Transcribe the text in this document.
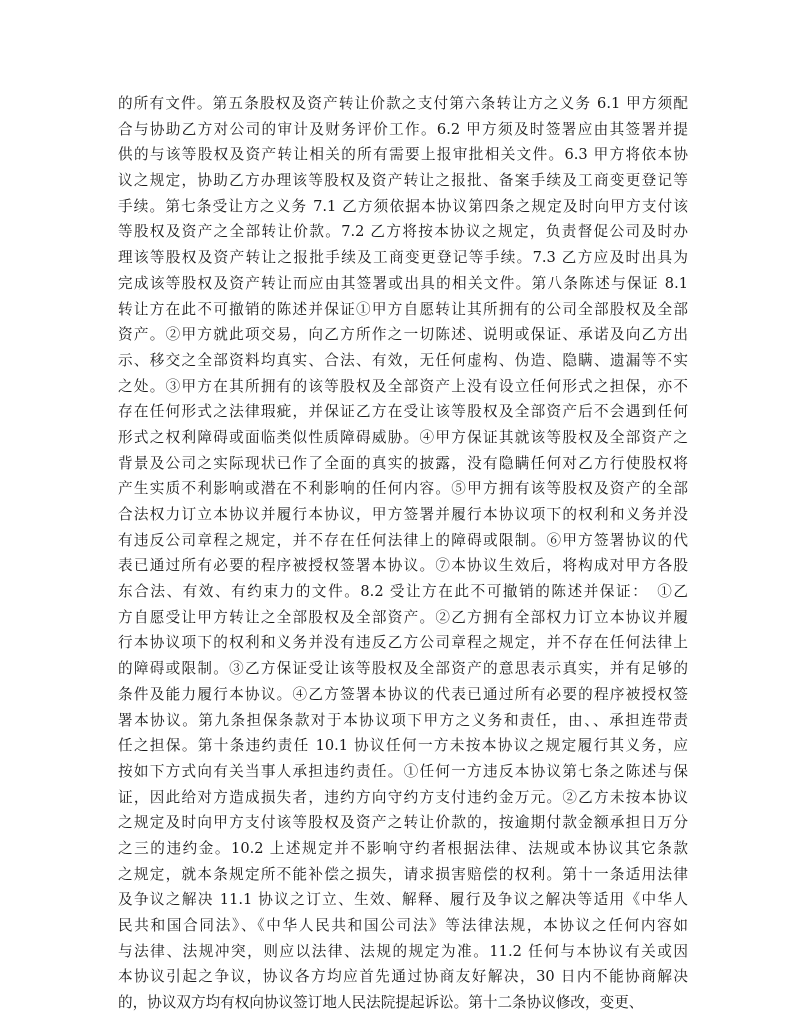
的所有文件。第五条股权及资产转让价款之支付第六条转让方之义务 6.1 甲方须配
合与协助乙方对公司的审计及财务评价工作。6.2 甲方须及时签署应由其签署并提
供的与该等股权及资产转让相关的所有需要上报审批相关文件。6.3 甲方将依本协
议之规定，协助乙方办理该等股权及资产转让之报批、备案手续及工商变更登记等
手续。第七条受让方之义务 7.1 乙方须依据本协议第四条之规定及时向甲方支付该
等股权及资产之全部转让价款。7.2 乙方将按本协议之规定，负责督促公司及时办
理该等股权及资产转让之报批手续及工商变更登记等手续。7.3 乙方应及时出具为
完成该等股权及资产转让而应由其签署或出具的相关文件。第八条陈述与保证 8.1
转让方在此不可撤销的陈述并保证①甲方自愿转让其所拥有的公司全部股权及全部
资产。②甲方就此项交易，向乙方所作之一切陈述、说明或保证、承诺及向乙方出
示、移交之全部资料均真实、合法、有效，无任何虚构、伪造、隐瞒、遗漏等不实
之处。③甲方在其所拥有的该等股权及全部资产上没有设立任何形式之担保，亦不
存在任何形式之法律瑕疵，并保证乙方在受让该等股权及全部资产后不会遇到任何
形式之权利障碍或面临类似性质障碍威胁。④甲方保证其就该等股权及全部资产之
背景及公司之实际现状已作了全面的真实的披露，没有隐瞒任何对乙方行使股权将
产生实质不利影响或潜在不利影响的任何内容。⑤甲方拥有该等股权及资产的全部
合法权力订立本协议并履行本协议，甲方签署并履行本协议项下的权利和义务并没
有违反公司章程之规定，并不存在任何法律上的障碍或限制。⑥甲方签署协议的代
表已通过所有必要的程序被授权签署本协议。⑦本协议生效后，将构成对甲方各股
东合法、有效、有约束力的文件。8.2 受让方在此不可撤销的陈述并保证：　①乙
方自愿受让甲方转让之全部股权及全部资产。②乙方拥有全部权力订立本协议并履
行本协议项下的权利和义务并没有违反乙方公司章程之规定，并不存在任何法律上
的障碍或限制。③乙方保证受让该等股权及全部资产的意思表示真实，并有足够的
条件及能力履行本协议。④乙方签署本协议的代表已通过所有必要的程序被授权签
署本协议。第九条担保条款对于本协议项下甲方之义务和责任，由、、承担连带责
任之担保。第十条违约责任 10.1 协议任何一方未按本协议之规定履行其义务，应
按如下方式向有关当事人承担违约责任。①任何一方违反本协议第七条之陈述与保
证，因此给对方造成损失者，违约方向守约方支付违约金万元。②乙方未按本协议
之规定及时向甲方支付该等股权及资产之转让价款的，按逾期付款金额承担日万分
之三的违约金。10.2 上述规定并不影响守约者根据法律、法规或本协议其它条款
之规定，就本条规定所不能补偿之损失，请求损害赔偿的权利。第十一条适用法律
及争议之解决 11.1 协议之订立、生效、解释、履行及争议之解决等适用《中华人
民共和国合同法》、《中华人民共和国公司法》等法律法规，本协议之任何内容如
与法律、法规冲突，则应以法律、法规的规定为准。11.2 任何与本协议有关或因
本协议引起之争议，协议各方均应首先通过协商友好解决，30 日内不能协商解决
的，协议双方均有权向协议签订地人民法院提起诉讼。第十二条协议修改，变更、
